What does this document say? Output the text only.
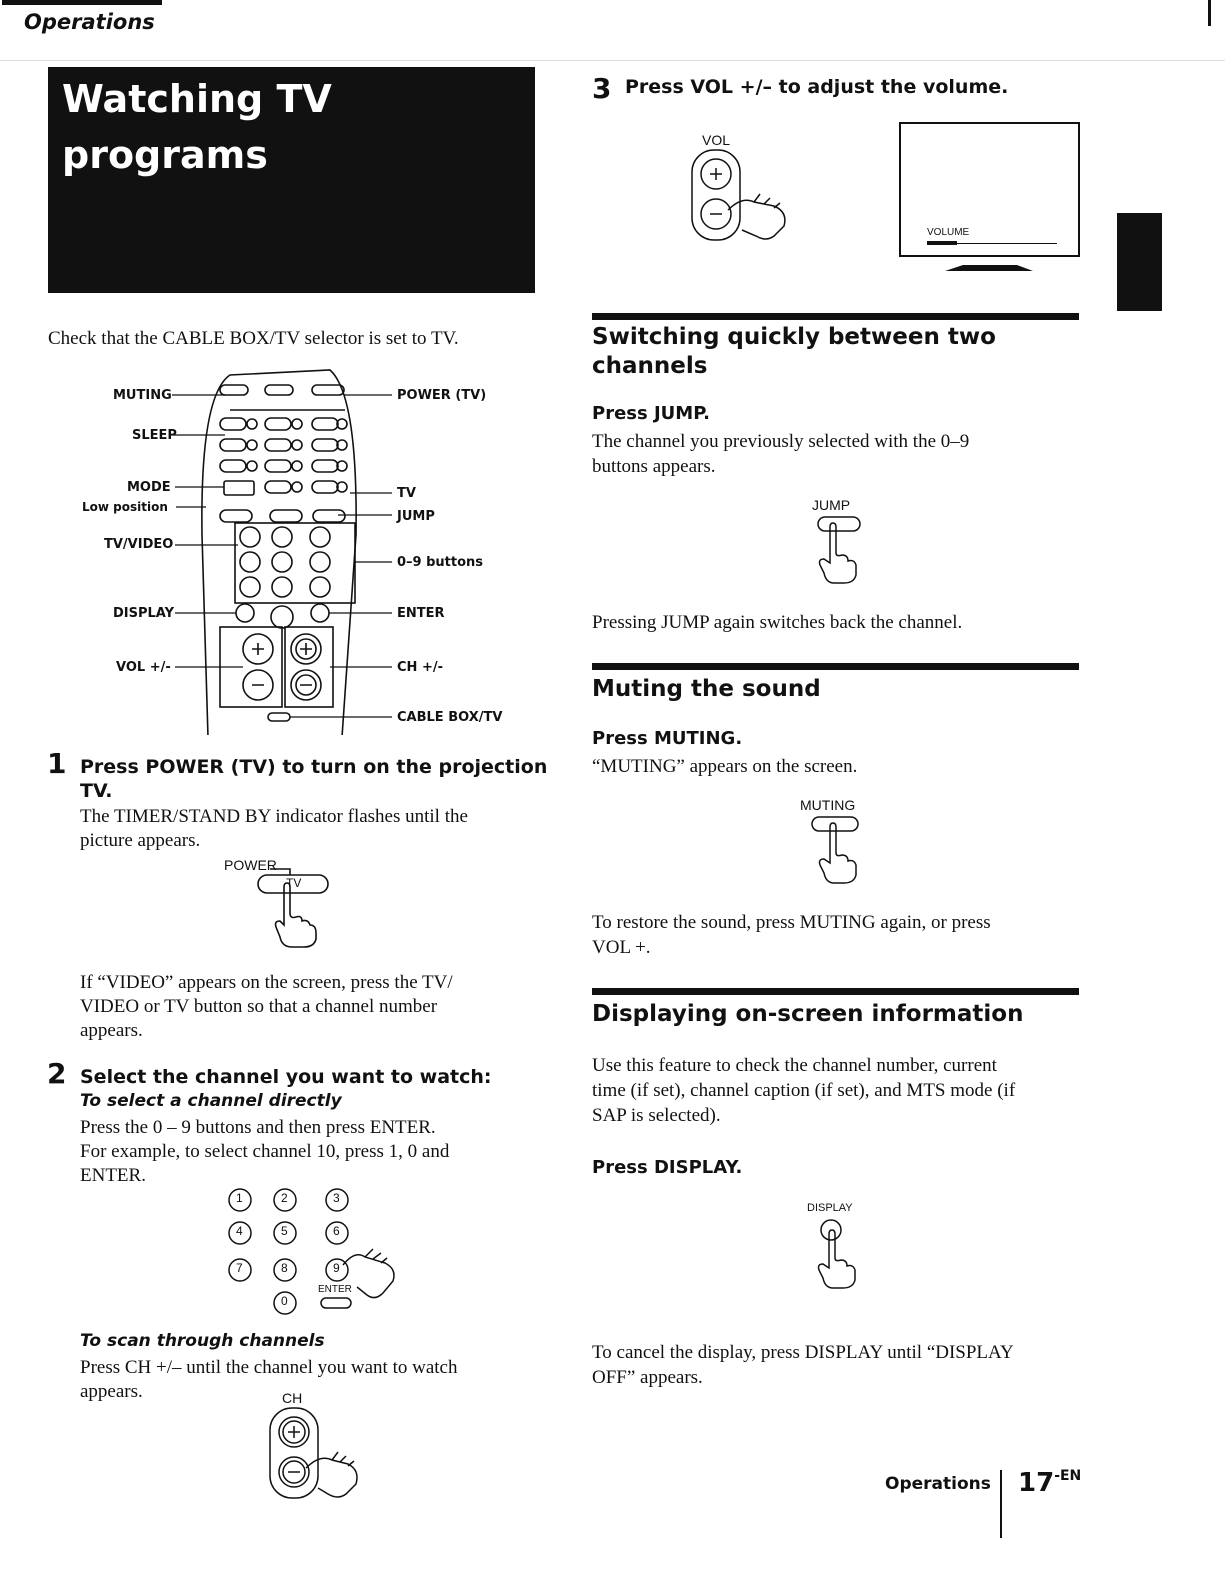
Operations
Watching TV
programs
Check that the CABLE BOX/TV selector is set to TV.
MUTING
SLEEP
MODE
Low position
TV/VIDEO
DISPLAY
VOL +/-
POWER (TV)
TV
JUMP
0–9 buttons
ENTER
CH +/-
CABLE BOX/TV
1 Press POWER (TV) to turn on the projection
TV.
The TIMER/STAND BY indicator flashes until the
picture appears.
POWER
TV
If “VIDEO” appears on the screen, press the TV/
VIDEO or TV button so that a channel number
appears.
2 Select the channel you want to watch:
To select a channel directly
Press the 0 – 9 buttons and then press ENTER.
For example, to select channel 10, press 1, 0 and
ENTER.
1	2	3
4	5	6
7	8	9
0
ENTER
To scan through channels
Press CH +/– until the channel you want to watch
appears.	CH
3 Press VOL +/– to adjust the volume.
VOL
VOLUME
Switching quickly between two
channels
Press JUMP.
The channel you previously selected with the 0–9
buttons appears.
JUMP
Pressing JUMP again switches back the channel.
Muting the sound
Press MUTING.
“MUTING” appears on the screen.
MUTING
To restore the sound, press MUTING again, or press
VOL +.
Displaying on-screen information
Use this feature to check the channel number, current
time (if set), channel caption (if set), and MTS mode (if
SAP is selected).
Press DISPLAY.
DISPLAY
To cancel the display, press DISPLAY until “DISPLAY
OFF” appears.
Operations $17^{-EN}$
